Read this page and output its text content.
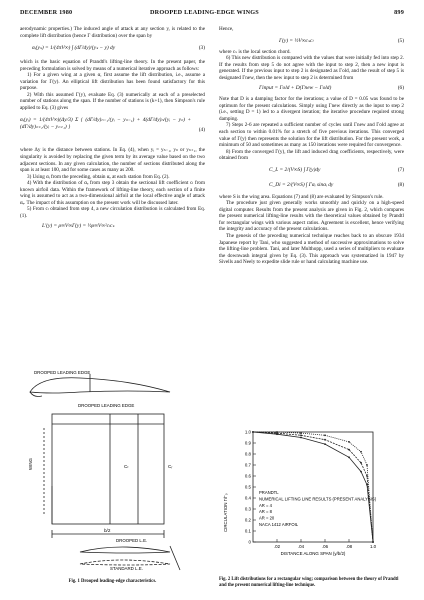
DECEMBER 1980	DROOPED LEADING-EDGE WINGS	899

aerodynamic properties.) The induced angle of attack at any section y, is related to the complete lift distribution (hence Γ distribution) over the span by

αᵢ(yₛ) = 1/(4πV∞) ∫ (dΓ/dy)/(yₛ − y) dy	(3)

which is the basic equation of Prandtl's lifting-line theory. In the present paper, the preceding formulation is solved by means of a numerical iterative approach as follows:

1) For a given wing at a given α, first assume the lift distribution, i.e., assume a variation for Γ(y). An elliptical lift distribution has been found satisfactory for this purpose.

2) With this assumed Γ(y), evaluate Eq. (3) numerically at each of a preselected number of stations along the span. If the number of stations is (k+1), then Simpson's rule applied to Eq. (3) gives

αᵢ(yᵢ) = 1/(4πV∞)(Δy/3) Σ { (dΓ/dy)ₙ₋₁/(yᵢ − yₙ₋₁) + 4(dΓ/dy)ₙ/(yᵢ − yₙ) + (dΓ/dy)ₙ₊₁/(yᵢ − yₙ₊₁) }	(4)

where Δy is the distance between stations. In Eq. (4), when yᵢ = yₙ₋₁, yₙ or yₙ₊₁, the singularity is avoided by replacing the given term by its average value based on the two adjacent sections. In any given calculation, the number of sections distributed along the span is at least 100, and for some cases as many as 200.

3) Using αᵢ from the preceding, obtain αₑ at each station from Eq. (2).

4) With the distribution of αₑ from step 3 obtain the sectional lift coefficient cₗ from known airfoil data. Within the framework of lifting-line theory, each section of a finite wing is assumed to act as a two-dimensional airfoil at the local effective angle of attack αₑ. The impact of this assumption on the present work will be discussed later.

5) From cₗ obtained from step 4, a new circulation distribution is calculated from Eq. (1).

L′(y) = ρ∞V∞Γ(y) = ½ρ∞V∞²cₗcₛ
DROOPED LEADING EDGE
DROOPED LEADING EDGE
WING
b/2
Cᵣ
Cₜ
DROOPED L.E.
STANDARD L.E.
Fig. 1 Drooped leading-edge characteristics.

Hence,

Γ(y) = ½V∞cₛcₗ	(5)

where cₛ is the local section chord.

6) This new distribution is compared with the values that were initially fed into step 2. If the results from step 5 do not agree with the input to step 2, then a new input is generated. If the previous input to step 2 is designated as Γold, and the result of step 5 is designated Γnew, then the new input to step 2 is determined from

Γinput = Γold + D(Γnew − Γold)	(6)

Note that D is a damping factor for the iterations; a value of D = 0.05 was found to be optimum for the present calculations. Simply using Γnew directly as the input to step 2 (i.e., setting D = 1) led to a divergent iteration; the iterative procedure required strong damping.

7) Steps 2-6 are repeated a sufficient number of cycles until Γnew and Γold agree at each section to within 0.01% for a stretch of five previous iterations. This converged value of Γ(y) then represents the solution for the lift distribution. For the present work, a minimum of 50 and sometimes as many as 150 iterations were required for convergence.

8) From the converged Γ(y), the lift and induced drag coefficients, respectively, were obtained from

C_L = 2/(V∞S) ∫ Γ(y)dy	(7)
C_Di = 2/(V∞S) ∫ Γαᵢ sinαᵢ dy	(8)

where S is the wing area. Equations (7) and (8) are evaluated by Simpson's rule.

The procedure just given generally works smoothly and quickly on a high-speed digital computer. Results from the present analysis are given in Fig. 2, which compares the present numerical lifting-line results with the theoretical values obtained by Prandtl for rectangular wings with various aspect ratios. Agreement is excellent, hence verifying the integrity and accuracy of the present calculations.

The genesis of the preceding numerical technique reaches back to an obscure 1934 Japanese report by Tani, who suggested a method of successive approximations to solve the lifting-line problem. Tani, and later Multhopp, used a series of multipliers to evaluate the downwash integral given by Eq. (3). This approach was systematized in 1947 by Sivells and Neely to expedite slide rule or hand calculating machine use.

0
0.1
0.2
0.3
0.4
0.5
0.6
0.7
0.8
0.9
1.0
.02	.04	.06	.08	1.0
PRANDTL
NUMERICAL LIFTING LINE RESULTS (PRESENT ANALYSIS)
AR = 4
AR = 8
AR = 20
NACA 1412 AIRFOIL
CIRCULATION Γ/Γ₀
DISTANCE ALONG SPAN (y/b/2)
Fig. 2 Lift distributions for a rectangular wing; comparison between the theory of Prandtl and the present numerical lifting-line technique.
